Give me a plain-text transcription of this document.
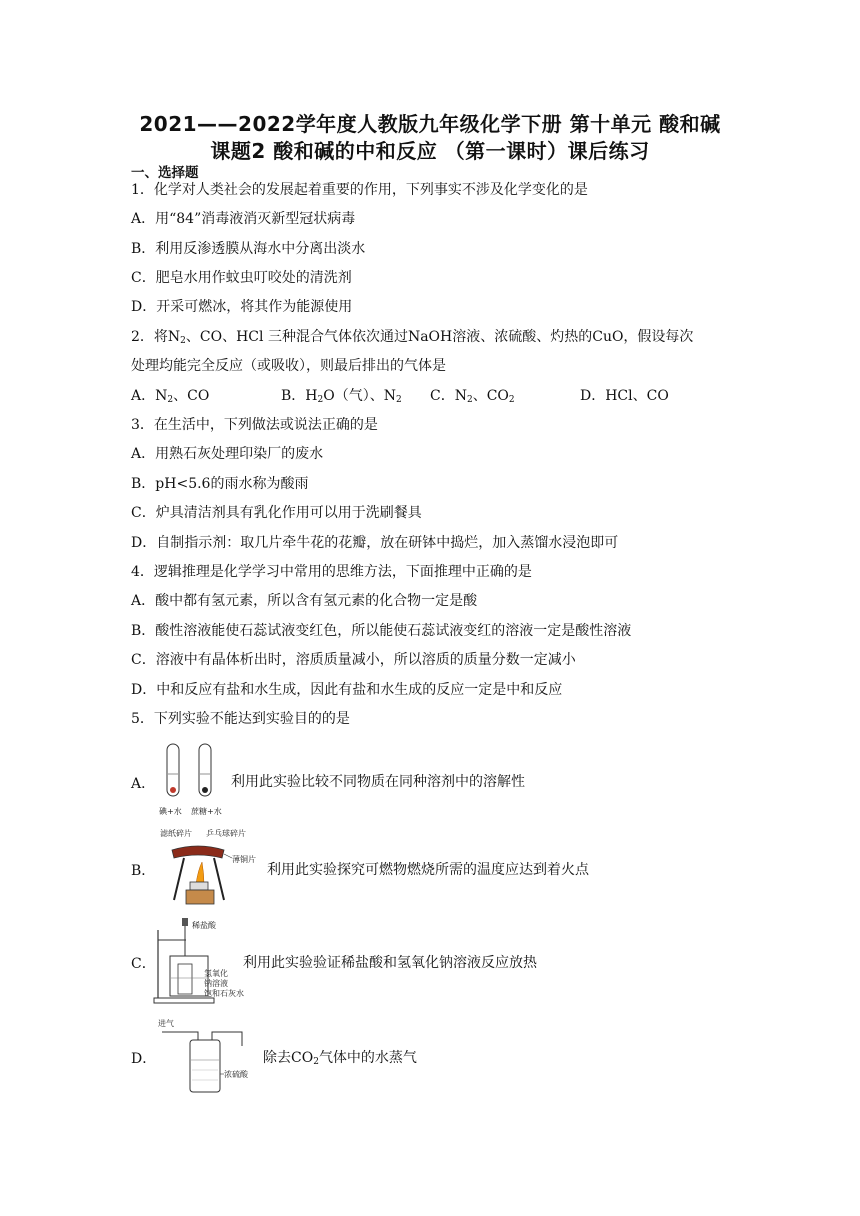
2021——2022学年度人教版九年级化学下册 第十单元 酸和碱
课题2 酸和碱的中和反应 （第一课时）课后练习
一、选择题
1．化学对人类社会的发展起着重要的作用，下列事实不涉及化学变化的是
A．用“84”消毒液消灭新型冠状病毒
B．利用反渗透膜从海水中分离出淡水
C．肥皂水用作蚊虫叮咬处的清洗剂
D．开采可燃冰，将其作为能源使用
2．将$N_2$、CO、HCl 三种混合气体依次通过NaOH溶液、浓硫酸、灼热的CuO，假设每次
处理均能完全反应（或吸收），则最后排出的气体是
A．$N_2$、CO	B．$H_2O$（气）、$N_2$ C．$N_2$、$CO_2$	D．HCl、CO
3．在生活中，下列做法或说法正确的是
A．用熟石灰处理印染厂的废水
B．pH<5.6的雨水称为酸雨
C．炉具清洁剂具有乳化作用可以用于洗刷餐具
D．自制指示剂：取几片牵牛花的花瓣，放在研钵中捣烂，加入蒸馏水浸泡即可
4．逻辑推理是化学学习中常用的思维方法，下面推理中正确的是
A．酸中都有氢元素，所以含有氢元素的化合物一定是酸
B．酸性溶液能使石蕊试液变红色，所以能使石蕊试液变红的溶液一定是酸性溶液
C．溶液中有晶体析出时，溶质质量减小，所以溶质的质量分数一定减小
D．中和反应有盐和水生成，因此有盐和水生成的反应一定是中和反应
5．下列实验不能达到实验目的的是
A．
碘+水 蔗糖+水
利用此实验比较不同物质在同种溶剂中的溶解性
B．
滤纸碎片 乒乓球碎片
薄铜片
利用此实验探究可燃物燃烧所需的温度应达到着火点
C．
稀盐酸
氢氧化
钠溶液
饱和石灰水
利用此实验验证稀盐酸和氢氧化钠溶液反应放热
D．
进气
浓硫酸
除去$CO_2$气体中的水蒸气
